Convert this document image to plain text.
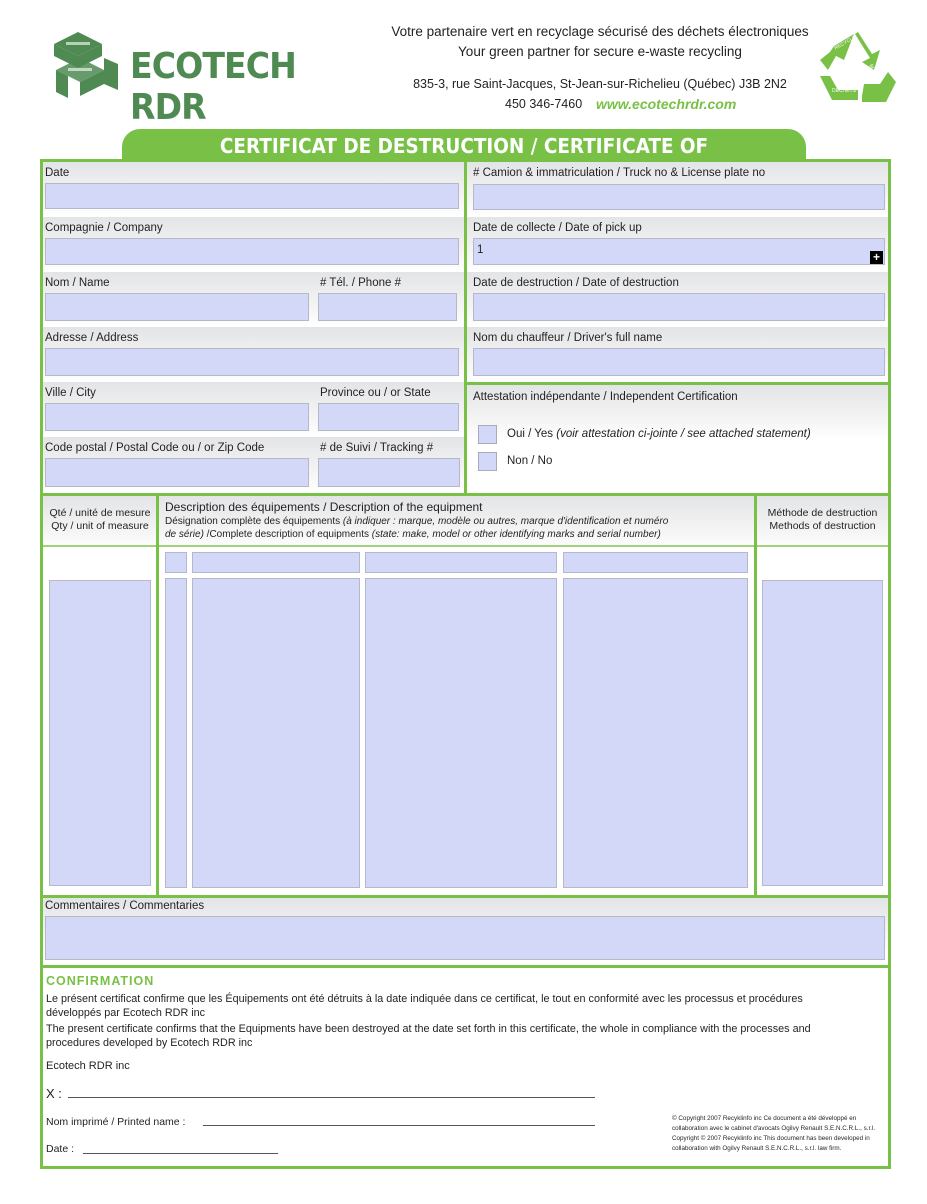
ECOTECH RDR
Votre partenaire vert en recyclage sécurisé des déchets électroniques
Your green partner for secure e-waste recycling
835-3, rue Saint-Jacques, St-Jean-sur-Richelieu (Québec) J3B 2N2
450 346-7460 www.ecotechrdr.com
DÉCHETS
BOÎTE
RECYCLE
CERTIFICAT DE DESTRUCTION / CERTIFICATE OF
Date
Compagnie / Company
Nom / Name	# Tél. / Phone #
Adresse / Address
Ville / City	Province ou / or State
Code postal / Postal Code ou / or Zip Code	# de Suivi / Tracking #
# Camion & immatriculation / Truck no & License plate no
Date de collecte / Date of pick up
1	+
Date de destruction / Date of destruction
Nom du chauffeur / Driver's full name
Attestation indépendante / Independent Certification
Oui / Yes (voir attestation ci-jointe / see attached statement)
Non / No
Qté / unité de mesure
Qty / unit of measure
Description des équipements / Description of the equipment
Désignation complète des équipements (à indiquer : marque, modèle ou autres, marque d'identification et numéro
de série) /Complete description of equipments (state: make, model or other identifying marks and serial number)
Méthode de destruction
Methods of destruction
Commentaires / Commentaries
CONFIRMATION
Le présent certificat confirme que les Équipements ont été détruits à la date indiquée dans ce certificat, le tout en conformité avec les processus et procédures développés par Ecotech RDR inc
The present certificate confirms that the Equipments have been destroyed at the date set forth in this certificate, the whole in compliance with the processes and procedures developed by Ecotech RDR inc
Ecotech RDR inc
X :
Nom imprimé / Printed name :
Date :
© Copyright 2007 Recyklinfo inc Ce document a été développé en collaboration avec le cabinet d'avocats Ogilvy Renault S.E.N.C.R.L., s.r.l.
Copyright © 2007 Recyklinfo inc This document has been developed in collaboration with Ogilvy Renault S.E.N.C.R.L., s.r.l. law firm.
